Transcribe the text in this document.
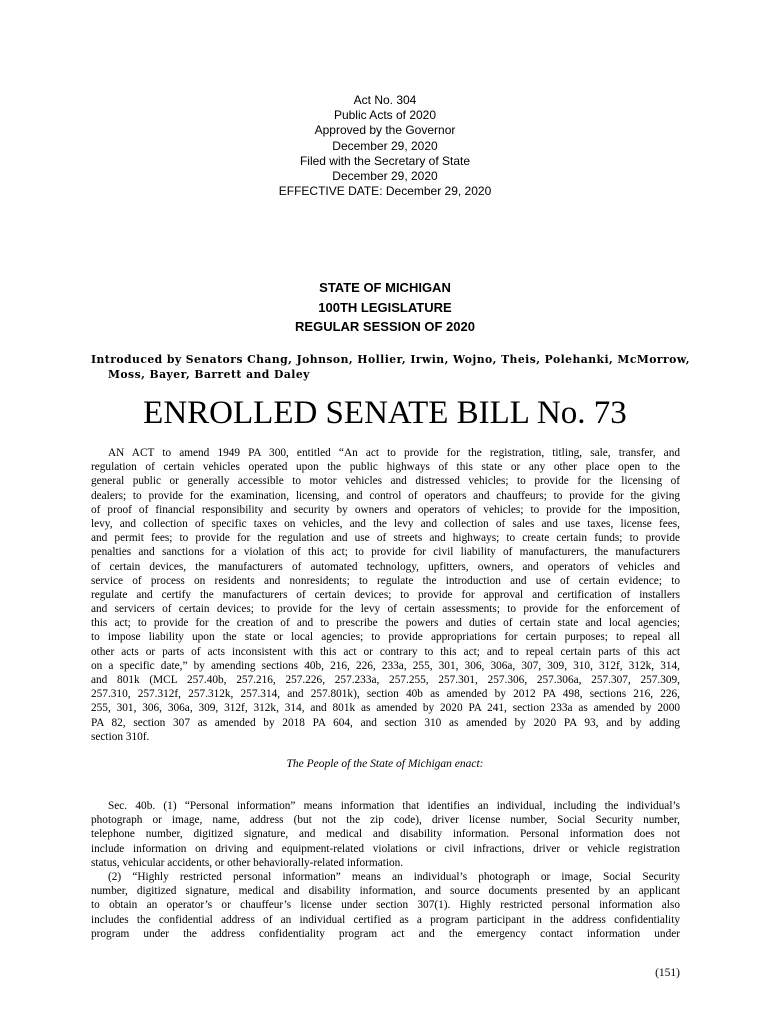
Act No. 304
Public Acts of 2020
Approved by the Governor
December 29, 2020
Filed with the Secretary of State
December 29, 2020
EFFECTIVE DATE: December 29, 2020
STATE OF MICHIGAN
100TH LEGISLATURE
REGULAR SESSION OF 2020
Introduced by Senators Chang, Johnson, Hollier, Irwin, Wojno, Theis, Polehanki, McMorrow,
Moss, Bayer, Barrett and Daley
ENROLLED SENATE BILL No. 73
AN ACT to amend 1949 PA 300, entitled “An act to provide for the registration, titling, sale, transfer, and
regulation of certain vehicles operated upon the public highways of this state or any other place open to the
general public or generally accessible to motor vehicles and distressed vehicles; to provide for the licensing of
dealers; to provide for the examination, licensing, and control of operators and chauffeurs; to provide for the giving
of proof of financial responsibility and security by owners and operators of vehicles; to provide for the imposition,
levy, and collection of specific taxes on vehicles, and the levy and collection of sales and use taxes, license fees,
and permit fees; to provide for the regulation and use of streets and highways; to create certain funds; to provide
penalties and sanctions for a violation of this act; to provide for civil liability of manufacturers, the manufacturers
of certain devices, the manufacturers of automated technology, upfitters, owners, and operators of vehicles and
service of process on residents and nonresidents; to regulate the introduction and use of certain evidence; to
regulate and certify the manufacturers of certain devices; to provide for approval and certification of installers
and servicers of certain devices; to provide for the levy of certain assessments; to provide for the enforcement of
this act; to provide for the creation of and to prescribe the powers and duties of certain state and local agencies;
to impose liability upon the state or local agencies; to provide appropriations for certain purposes; to repeal all
other acts or parts of acts inconsistent with this act or contrary to this act; and to repeal certain parts of this act
on a specific date,” by amending sections 40b, 216, 226, 233a, 255, 301, 306, 306a, 307, 309, 310, 312f, 312k, 314,
and 801k (MCL 257.40b, 257.216, 257.226, 257.233a, 257.255, 257.301, 257.306, 257.306a, 257.307, 257.309,
257.310, 257.312f, 257.312k, 257.314, and 257.801k), section 40b as amended by 2012 PA 498, sections 216, 226,
255, 301, 306, 306a, 309, 312f, 312k, 314, and 801k as amended by 2020 PA 241, section 233a as amended by 2000
PA 82, section 307 as amended by 2018 PA 604, and section 310 as amended by 2020 PA 93, and by adding
section 310f.
The People of the State of Michigan enact:
Sec. 40b. (1) “Personal information” means information that identifies an individual, including the individual’s
photograph or image, name, address (but not the zip code), driver license number, Social Security number,
telephone number, digitized signature, and medical and disability information. Personal information does not
include information on driving and equipment-related violations or civil infractions, driver or vehicle registration
status, vehicular accidents, or other behaviorally-related information.
(2) “Highly restricted personal information” means an individual’s photograph or image, Social Security
number, digitized signature, medical and disability information, and source documents presented by an applicant
to obtain an operator’s or chauffeur’s license under section 307(1). Highly restricted personal information also
includes the confidential address of an individual certified as a program participant in the address confidentiality
program under the address confidentiality program act and the emergency contact information under
(151)
